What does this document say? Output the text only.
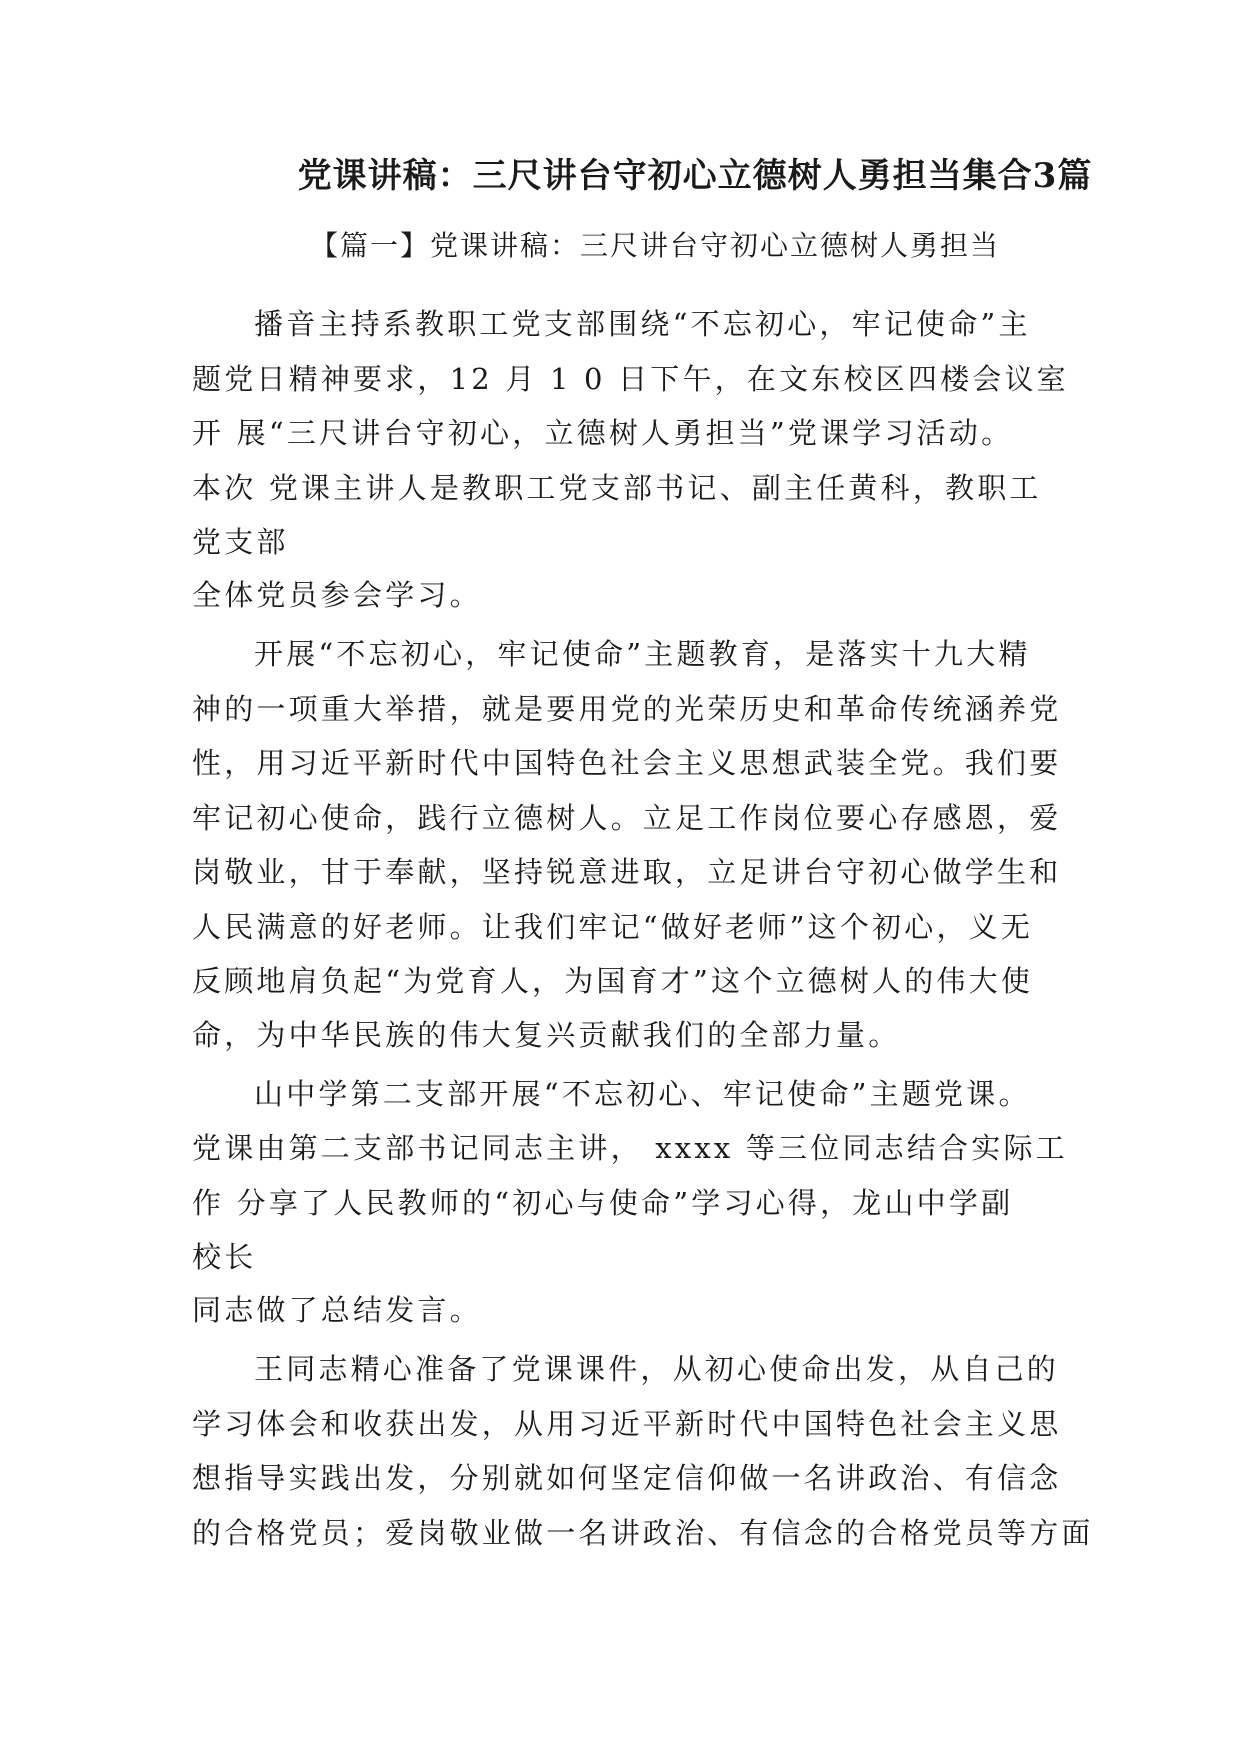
党课讲稿：三尺讲台守初心立德树人勇担当集合3篇
【篇一】党课讲稿：三尺讲台守初心立德树人勇担当
播音主持系教职工党支部围绕“不忘初心，牢记使命”主
题党日精神要求，12 月 1 0 日下午，在文东校区四楼会议室
开 展“三尺讲台守初心，立德树人勇担当”党课学习活动。
本次 党课主讲人是教职工党支部书记、副主任黄科，教职工
党支部
全体党员参会学习。
开展“不忘初心，牢记使命”主题教育，是落实十九大精
神的一项重大举措，就是要用党的光荣历史和革命传统涵养党
性，用习近平新时代中国特色社会主义思想武装全党。我们要
牢记初心使命，践行立德树人。立足工作岗位要心存感恩，爱
岗敬业，甘于奉献，坚持锐意进取，立足讲台守初心做学生和
人民满意的好老师。让我们牢记“做好老师”这个初心，义无
反顾地肩负起“为党育人，为国育才”这个立德树人的伟大使
命，为中华民族的伟大复兴贡献我们的全部力量。
山中学第二支部开展“不忘初心、牢记使命”主题党课。
党课由第二支部书记同志主讲， xxxx 等三位同志结合实际工
作 分享了人民教师的“初心与使命”学习心得，龙山中学副
校长
同志做了总结发言。
王同志精心准备了党课课件，从初心使命出发，从自己的
学习体会和收获出发，从用习近平新时代中国特色社会主义思
想指导实践出发，分别就如何坚定信仰做一名讲政治、有信念
的合格党员；爱岗敬业做一名讲政治、有信念的合格党员等方面
